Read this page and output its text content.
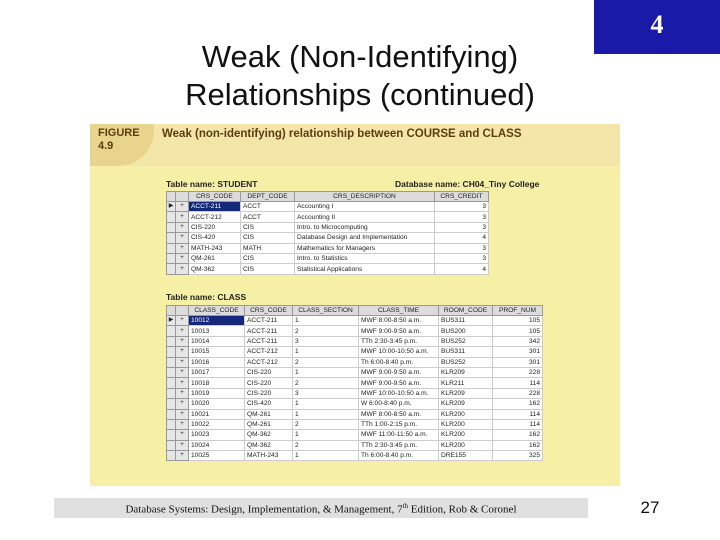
4
Weak (Non-Identifying)
Relationships (continued)
FIGURE
4.9
Weak (non-identifying) relationship between COURSE and CLASS
Table name: STUDENT	Database name: CH04_Tiny College
		CRS_CODE	DEPT_CODE	CRS_DESCRIPTION	CRS_CREDIT
▶	+	ACCT-211	ACCT	Accounting I	3
	+	ACCT-212	ACCT	Accounting II	3
	+	CIS-220	CIS	Intro. to Microcomputing	3
	+	CIS-420	CIS	Database Design and Implementation	4
	+	MATH-243	MATH	Mathematics for Managers	3
	+	QM-261	CIS	Intro. to Statistics	3
	+	QM-362	CIS	Statistical Applications	4
Table name: CLASS
		CLASS_CODE	CRS_CODE	CLASS_SECTION	CLASS_TIME	ROOM_CODE	PROF_NUM
▶	+	10012	ACCT-211	1	MWF 8:00-8:50 a.m.	BUS311	105
	+	10013	ACCT-211	2	MWF 9:00-9:50 a.m.	BUS200	105
	+	10014	ACCT-211	3	TTh 2:30-3:45 p.m.	BUS252	342
	+	10015	ACCT-212	1	MWF 10:00-10:50 a.m.	BUS311	301
	+	10016	ACCT-212	2	Th 6:00-8:40 p.m.	BUS252	301
	+	10017	CIS-220	1	MWF 9:00-9:50 a.m.	KLR209	228
	+	10018	CIS-220	2	MWF 9:00-9:50 a.m.	KLR211	114
	+	10019	CIS-220	3	MWF 10:00-10:50 a.m.	KLR209	228
	+	10020	CIS-420	1	W 6:00-8:40 p.m.	KLR209	162
	+	10021	QM-261	1	MWF 8:00-8:50 a.m.	KLR200	114
	+	10022	QM-261	2	TTh 1:00-2:15 p.m.	KLR200	114
	+	10023	QM-362	1	MWF 11:00-11:50 a.m.	KLR200	162
	+	10024	QM-362	2	TTh 2:30-3:45 p.m.	KLR200	162
	+	10025	MATH-243	1	Th 6:00-8:40 p.m.	DRE155	325
Database Systems: Design, Implementation, & Management, 7th Edition, Rob & Coronel	27
